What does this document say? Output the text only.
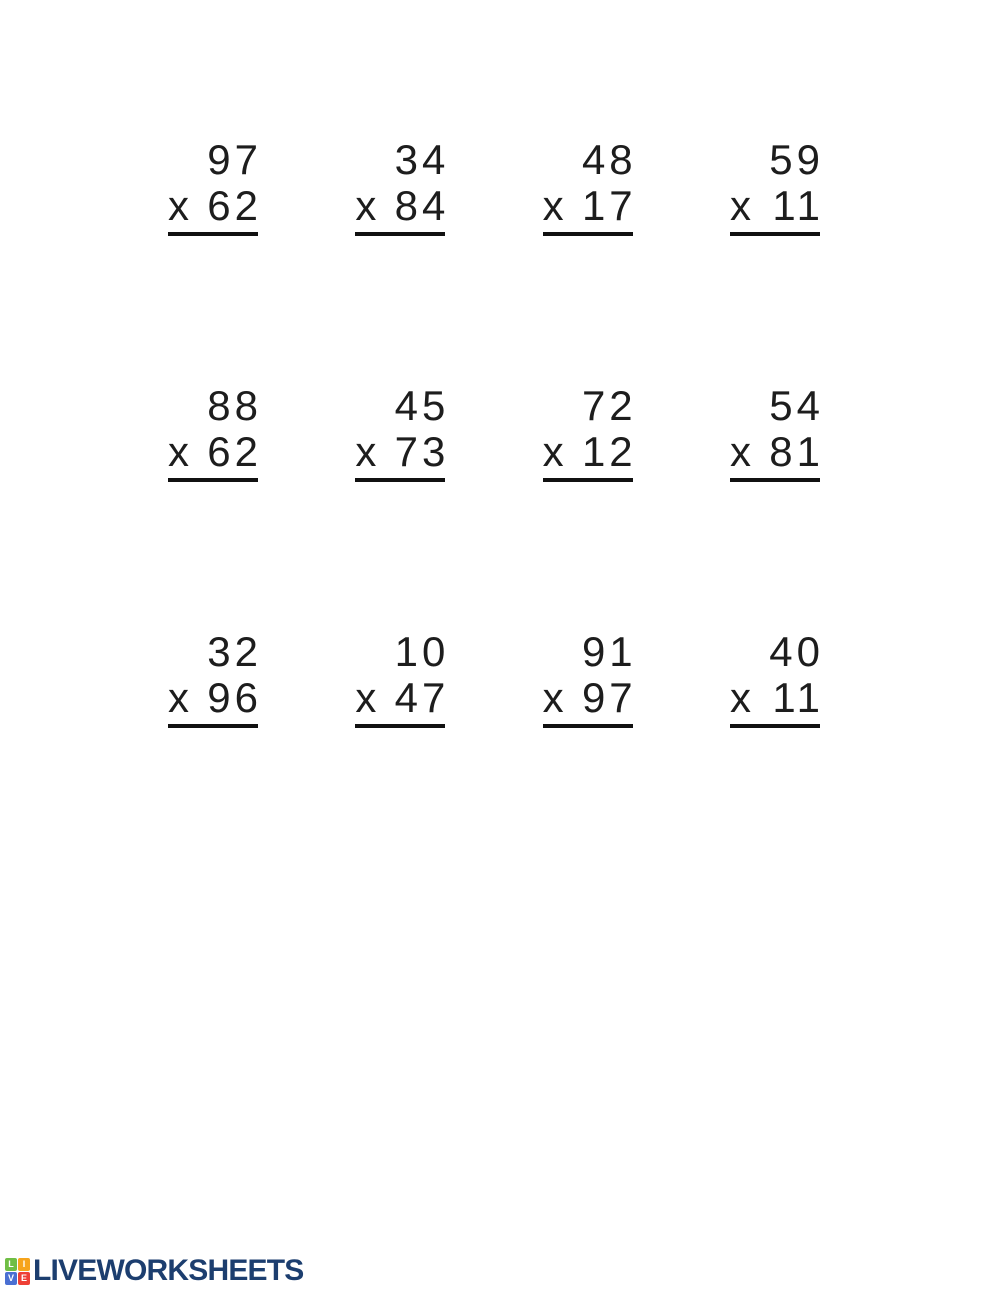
97
x 62
34
x 84
48
x 17
59
x 11
88
x 62
45
x 73
72
x 12
54
x 81
32
x 96
10
x 47
91
x 97
40
x 11
L I
V E LIVEWORKSHEETS
